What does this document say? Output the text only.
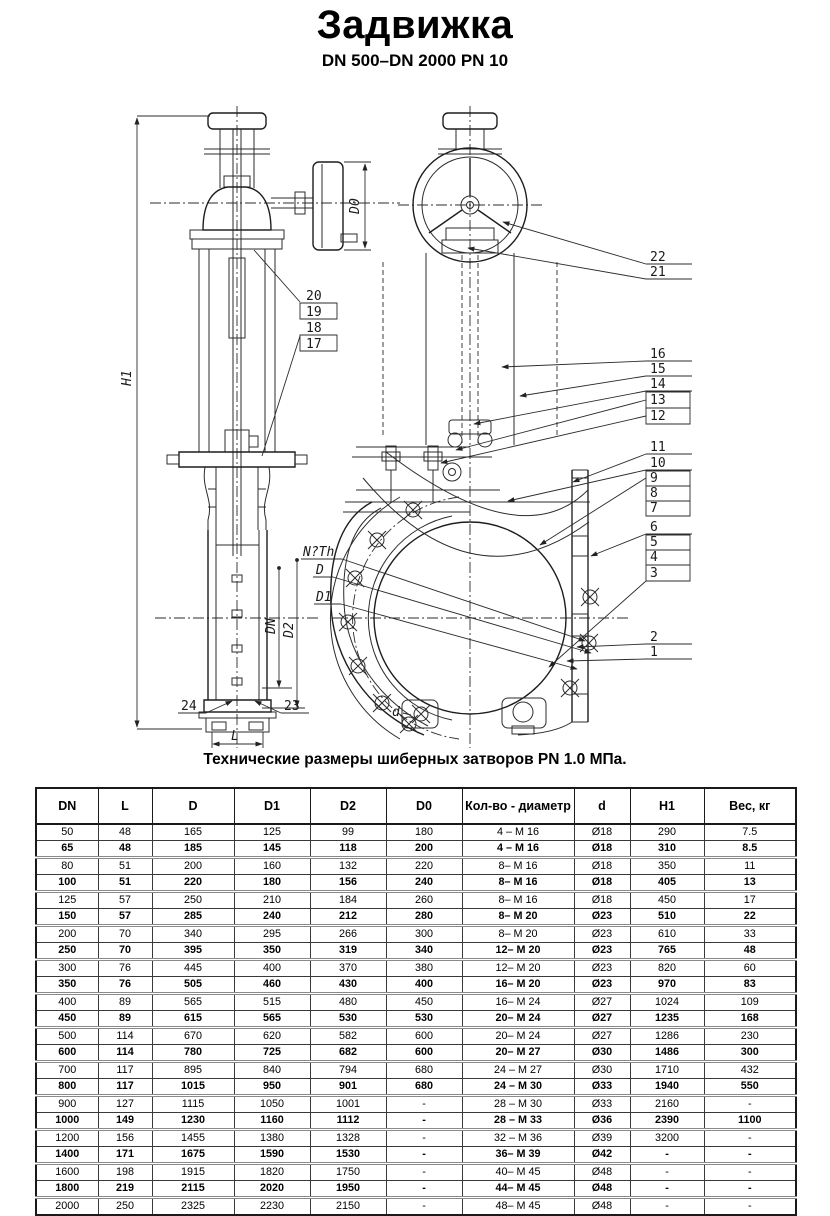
Задвижка
DN 500–DN 2000 PN 10
H1
D0
DN D2
L
N?Th
D
D1
d
20
19
18
17
24	23
22
21
16
15
14
13
12
11
10
9
8
7
6
5
4
3
2
1
Технические размеры шиберных затворов PN 1.0 МПа.
DN	L	D	D1	D2	D0	Кол-во - диаметр	d	H1	Вес, кг
50	48	165	125	99	180	4 – M 16	Ø18	290	7.5
65	48	185	145	118	200	4 – M 16	Ø18	310	8.5
80	51	200	160	132	220	8– M 16	Ø18	350	11
100	51	220	180	156	240	8– M 16	Ø18	405	13
125	57	250	210	184	260	8– M 16	Ø18	450	17
150	57	285	240	212	280	8– M 20	Ø23	510	22
200	70	340	295	266	300	8– M 20	Ø23	610	33
250	70	395	350	319	340	12– M 20	Ø23	765	48
300	76	445	400	370	380	12– M 20	Ø23	820	60
350	76	505	460	430	400	16– M 20	Ø23	970	83
400	89	565	515	480	450	16– M 24	Ø27	1024	109
450	89	615	565	530	530	20– M 24	Ø27	1235	168
500	114	670	620	582	600	20– M 24	Ø27	1286	230
600	114	780	725	682	600	20– M 27	Ø30	1486	300
700	117	895	840	794	680	24 – M 27	Ø30	1710	432
800	117	1015	950	901	680	24 – M 30	Ø33	1940	550
900	127	1115	1050	1001	-	28 – M 30	Ø33	2160	-
1000	149	1230	1160	1112	-	28 – M 33	Ø36	2390	1100
1200	156	1455	1380	1328	-	32 – M 36	Ø39	3200	-
1400	171	1675	1590	1530	-	36– M 39	Ø42	-	-
1600	198	1915	1820	1750	-	40– M 45	Ø48	-	-
1800	219	2115	2020	1950	-	44– M 45	Ø48	-	-
2000	250	2325	2230	2150	-	48– M 45	Ø48	-	-
